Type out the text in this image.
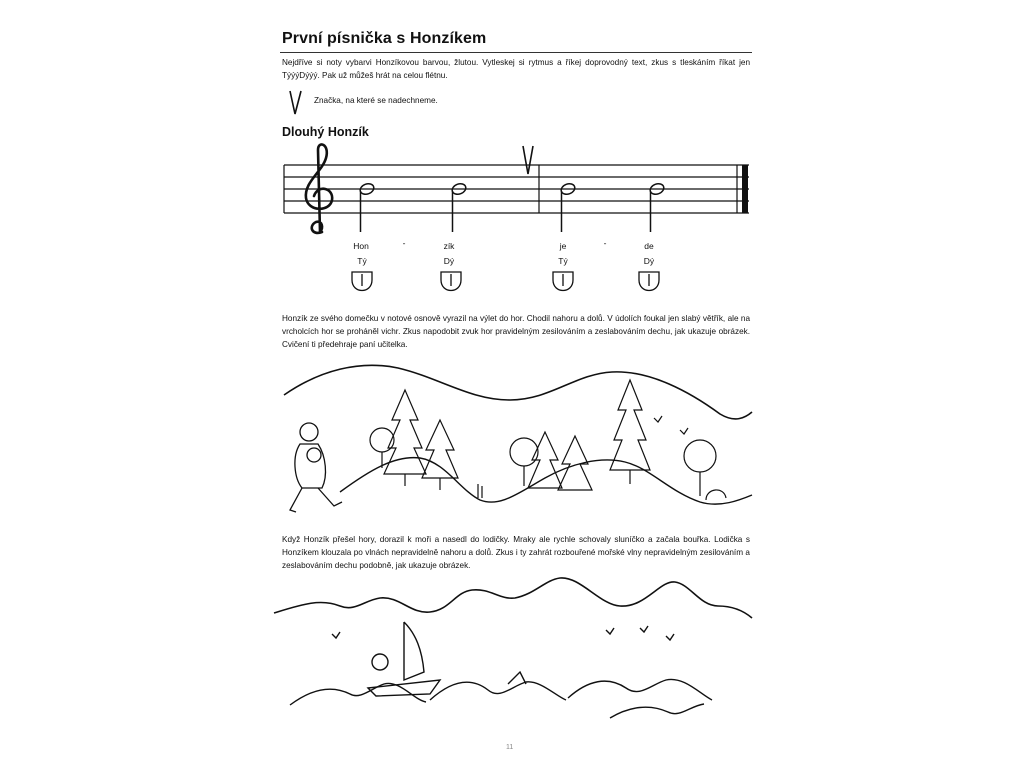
První písnička s Honzíkem
Nejdříve si noty vybarvi Honzíkovou barvou, žlutou. Vytleskej si rytmus a říkej doprovodný text, zkus s tleskáním říkat jen TýýýDýýý. Pak už můžeš hrát na celou flétnu.
Značka, na které se nadechneme.
Dlouhý Honzík
Hon	-	zík	je	-	de
Tý	Dý	Tý	Dý
Honzík ze svého domečku v notové osnově vyrazil na výlet do hor. Chodil nahoru a dolů. V údolích foukal jen slabý větřík, ale na vrcholcích hor se proháněl vichr. Zkus napodobit zvuk hor pravidelným zesilováním a zeslabováním dechu, jak ukazuje obrázek. Cvičení ti předehraje paní učitelka.
Když Honzík přešel hory, dorazil k moři a nasedl do lodičky. Mraky ale rychle schovaly sluníčko a začala bouřka. Lodička s Honzíkem klouzala po vlnách nepravidelně nahoru a dolů. Zkus i ty zahrát rozbouřené mořské vlny nepravidelným zesilováním a zeslabováním dechu podobně, jak ukazuje obrázek.
11
